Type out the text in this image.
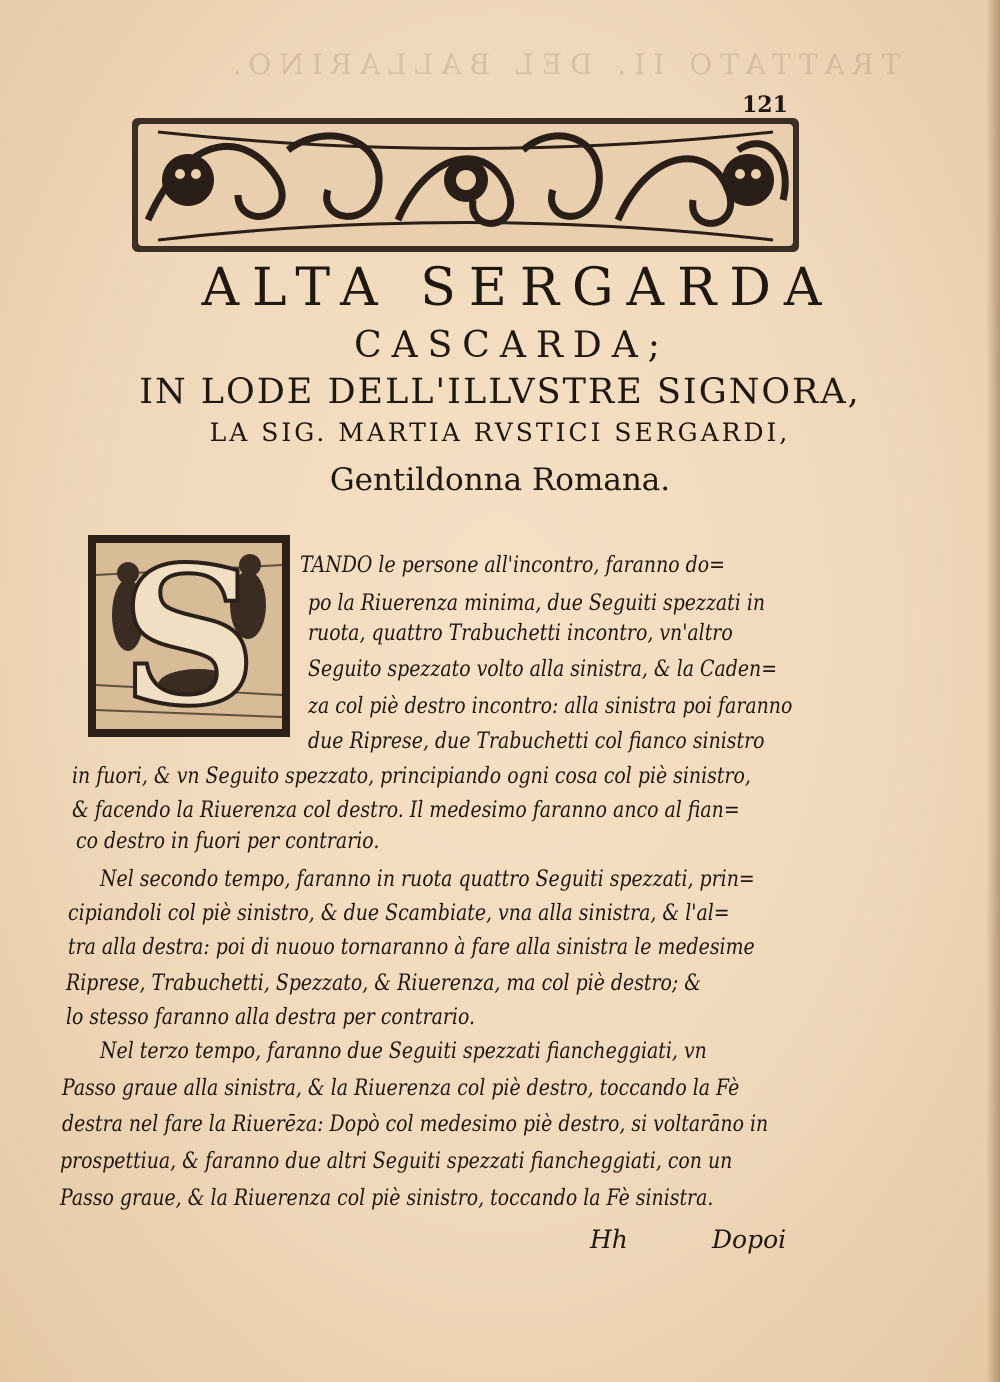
TRATTATO II. DEL BALLARINO.
121
ALTA SERGARDA
CASCARDA;
IN LODE DELL'ILLVSTRE SIGNORA,
LA SIG. MARTIA RVSTICI SERGARDI,
Gentildonna Romana.
S TANDO le persone all'incontro, faranno do=
po la Riuerenza minima, due Seguiti spezzati in
ruota, quattro Trabuchetti incontro, vn'altro
Seguito spezzato volto alla sinistra, & la Caden=
za col piè destro incontro: alla sinistra poi faranno
due Riprese, due Trabuchetti col fianco sinistro
in fuori, & vn Seguito spezzato, principiando ogni cosa col piè sinistro,
& facendo la Riuerenza col destro. Il medesimo faranno anco al fian=
co destro in fuori per contrario.
Nel secondo tempo, faranno in ruota quattro Seguiti spezzati, prin=
cipiandoli col piè sinistro, & due Scambiate, vna alla sinistra, & l'al=
tra alla destra: poi di nuouo tornaranno à fare alla sinistra le medesime
Riprese, Trabuchetti, Spezzato, & Riuerenza, ma col piè destro; &
lo stesso faranno alla destra per contrario.
Nel terzo tempo, faranno due Seguiti spezzati fiancheggiati, vn
Passo graue alla sinistra, & la Riuerenza col piè destro, toccando la Fè
destra nel fare la Riuerēza: Dopò col medesimo piè destro, si voltarāno in
prospettiua, & faranno due altri Seguiti spezzati fiancheggiati, con un
Passo graue, & la Riuerenza col piè sinistro, toccando la Fè sinistra.
Hh	Dopoi
